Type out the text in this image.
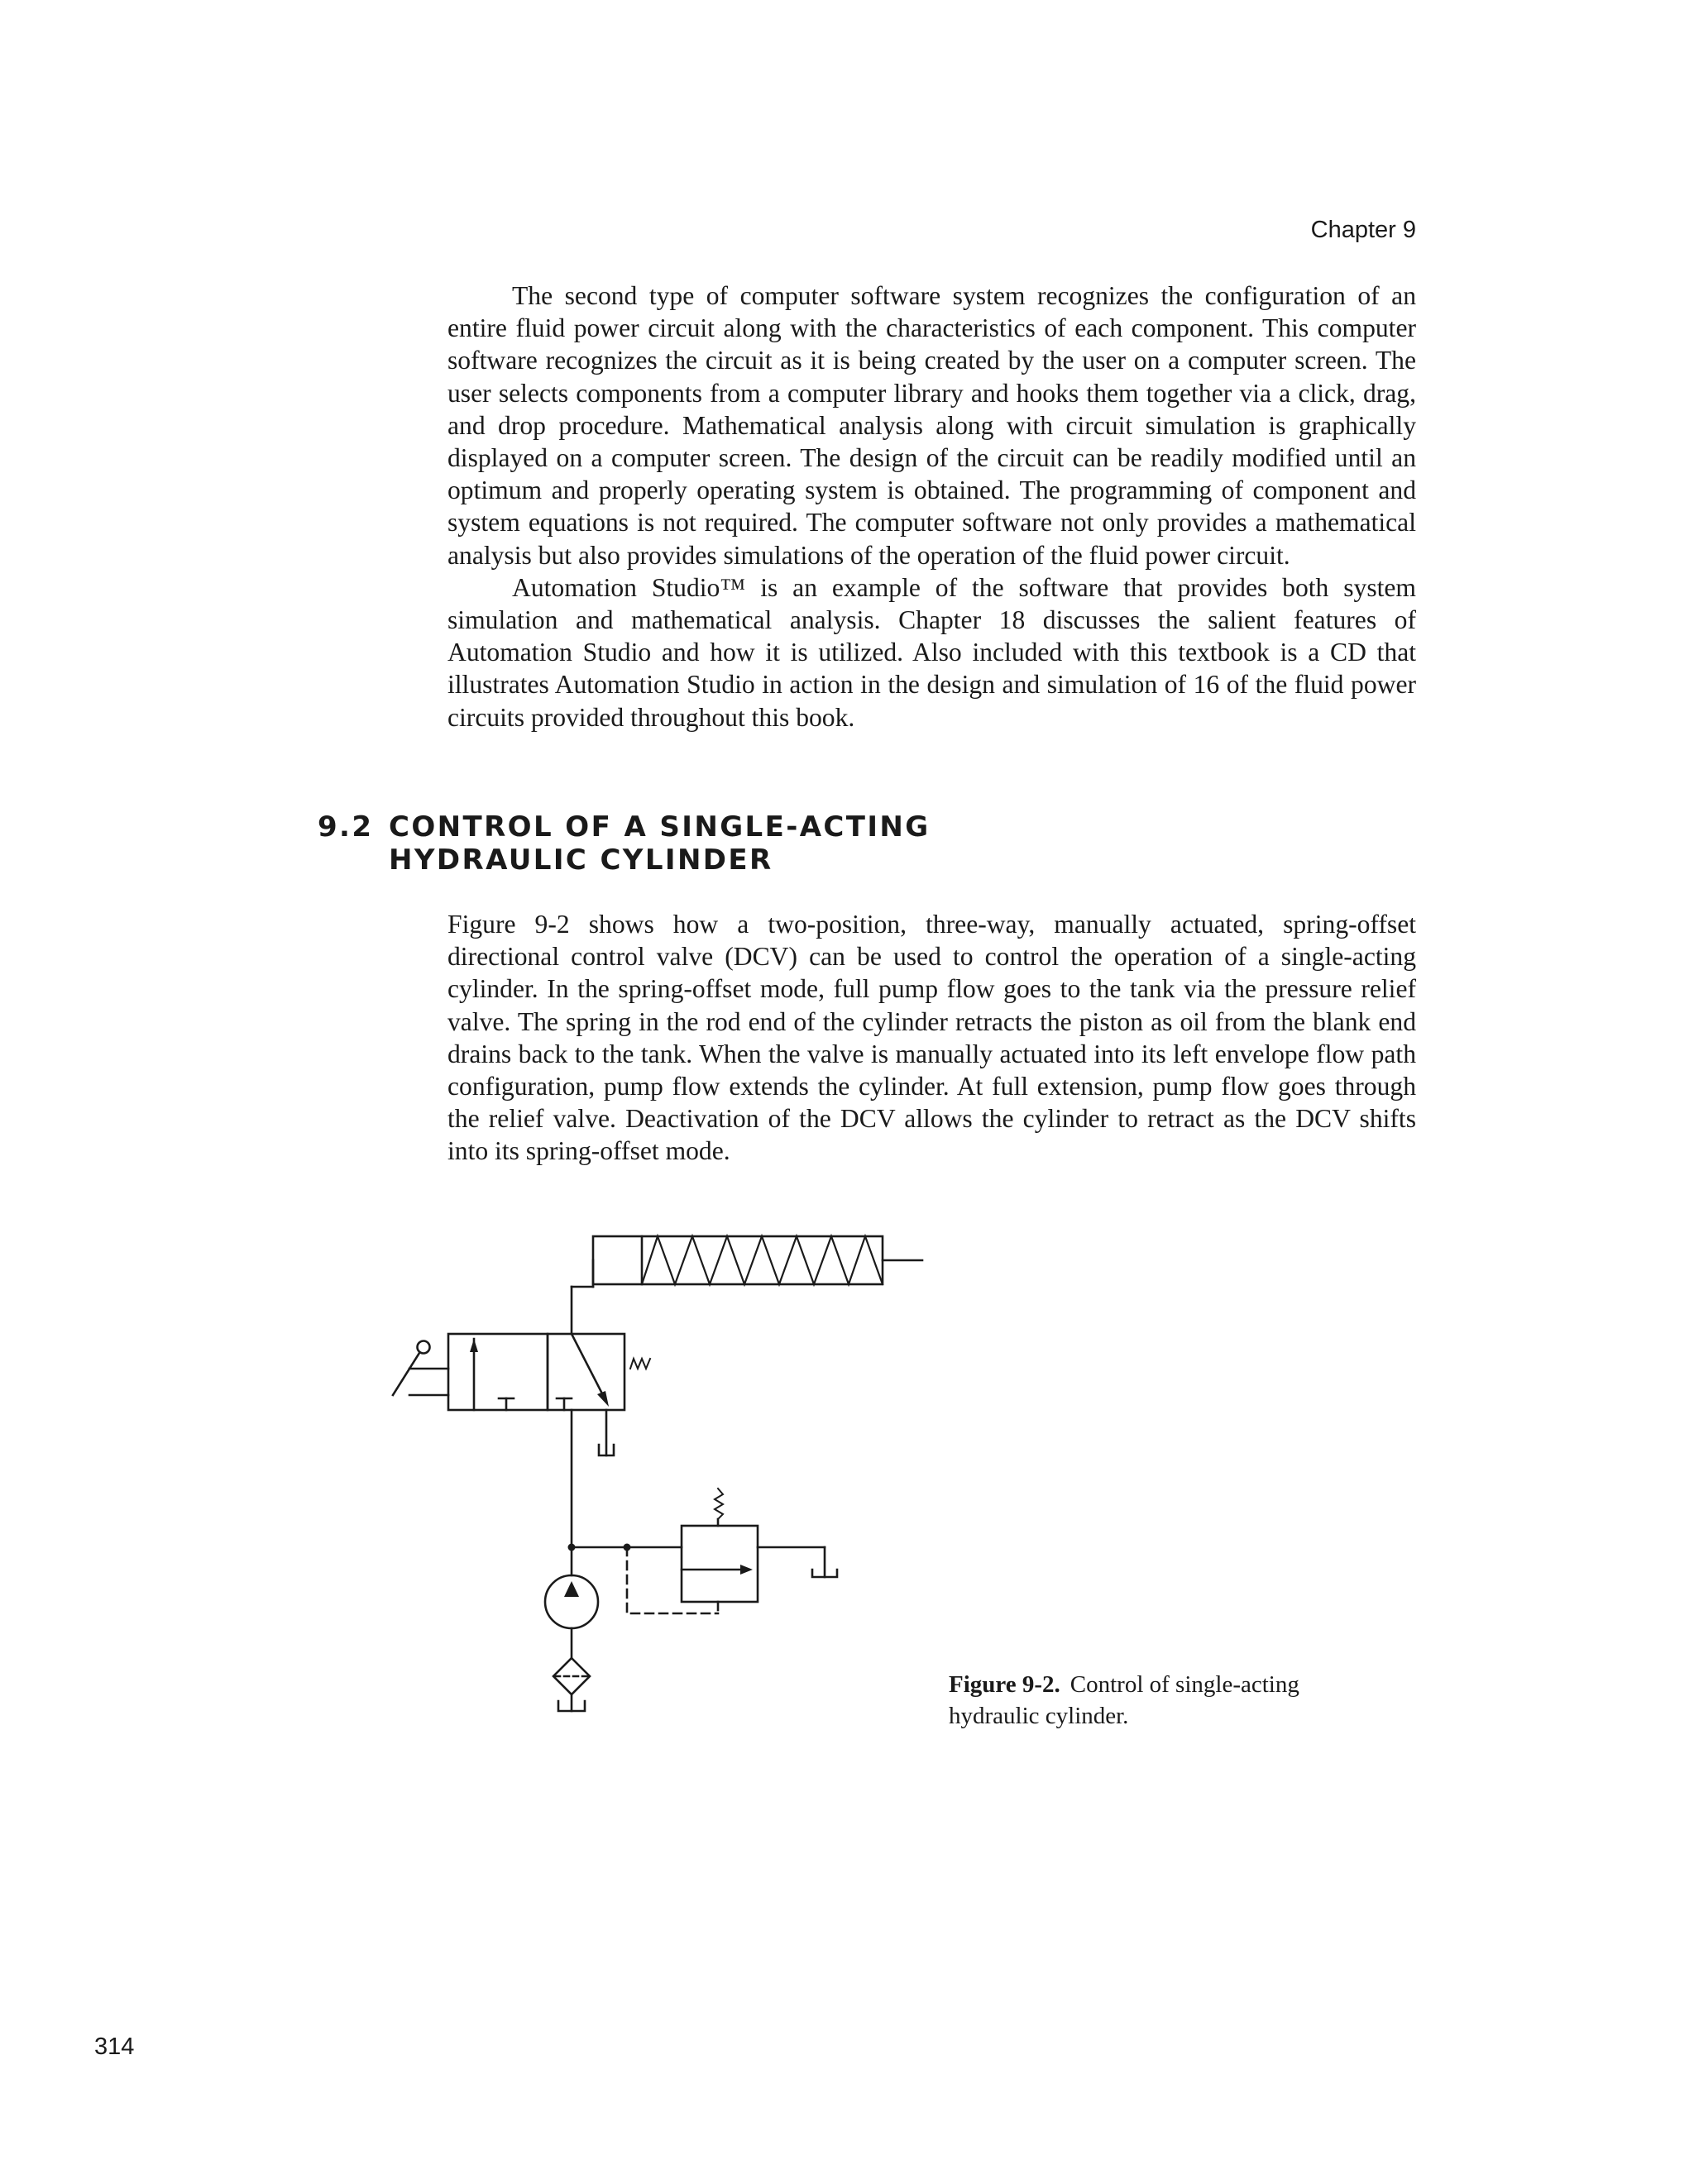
Chapter 9

The second type of computer software system recognizes the configuration of an entire fluid power circuit along with the characteristics of each component. This computer software recognizes the circuit as it is being created by the user on a computer screen. The user selects components from a computer library and hooks them together via a click, drag, and drop procedure. Mathematical analysis along with circuit simulation is graphically displayed on a computer screen. The design of the circuit can be readily modified until an optimum and properly operating system is obtained. The programming of component and system equations is not required. The computer software not only provides a mathematical analysis but also provides simulations of the operation of the fluid power circuit.

Automation Studio™ is an example of the software that provides both system simulation and mathematical analysis. Chapter 18 discusses the salient features of Automation Studio and how it is utilized. Also included with this textbook is a CD that illustrates Automation Studio in action in the design and simulation of 16 of the fluid power circuits provided throughout this book.

9.2 CONTROL OF A SINGLE-ACTING
HYDRAULIC CYLINDER

Figure 9-2 shows how a two-position, three-way, manually actuated, spring-offset directional control valve (DCV) can be used to control the operation of a single-acting cylinder. In the spring-offset mode, full pump flow goes to the tank via the pressure relief valve. The spring in the rod end of the cylinder retracts the piston as oil from the blank end drains back to the tank. When the valve is manually actuated into its left envelope flow path configuration, pump flow extends the cylinder. At full extension, pump flow goes through the relief valve. Deactivation of the DCV allows the cylinder to retract as the DCV shifts into its spring-offset mode.

Figure 9-2. Control of single-acting hydraulic cylinder.

314
